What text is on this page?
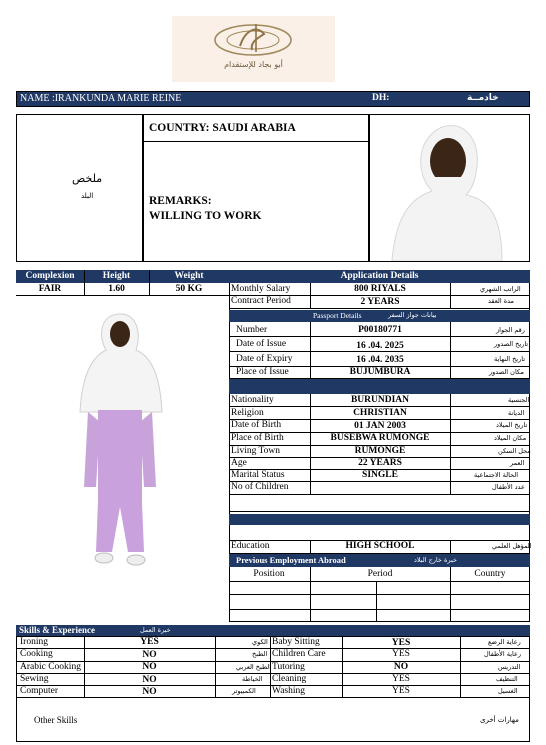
أبو بجاد للإستقدام
NAME :IRANKUNDA MARIE REINE	DH:	خادمــة
ملخص
البلد
COUNTRY: SAUDI ARABIA
REMARKS:
WILLING TO WORK
Complexion	Height	Weight
FAIR	1.60	50 KG
Application Details
Monthly Salary	800 RIYALS	الراتب الشهري
Contract Period	2 YEARS	مدة العقد
Passport Details	بيانات جواز السفر
Number	P00180771	رقم الجواز
Date of Issue	16 .04. 2025	تاريخ الصدور
Date of Expiry	16 .04. 2035	تاريخ النهاية
Place of Issue	BUJUMBURA	مكان الصدور
Nationality	BURUNDIAN	الجنسية
Religion	CHRISTIAN	الديانة
Date of Birth	01 JAN 2003	تاريخ الميلاد
Place of Birth	BUSEBWA RUMONGE	مكان الميلاد
Living Town	RUMONGE	محل السكن
Age	22 YEARS	العمر
Marital Status	SINGLE	الحالة الاجتماعية
No of Children	عدد الأطفال
Education	HIGH SCHOOL	المؤهل العلمي
Previous Employment Abroad	خبرة خارج البلاد
Position	Period	Country
Skills & Experience	خبرة العمل
Ironing	YES	الكوي
Cooking	NO	الطبخ
Arabic Cooking	NO	الطبخ العربي
Sewing	NO	الخياطة
Computer	NO	الكمبيوتر
Baby Sitting	YES	رعاية الرضع
Children Care	YES	رعاية الأطفال
Tutoring	NO	التدريس
Cleaning	YES	التنظيف
Washing	YES	الغسيل
Other Skills	مهارات أخرى
